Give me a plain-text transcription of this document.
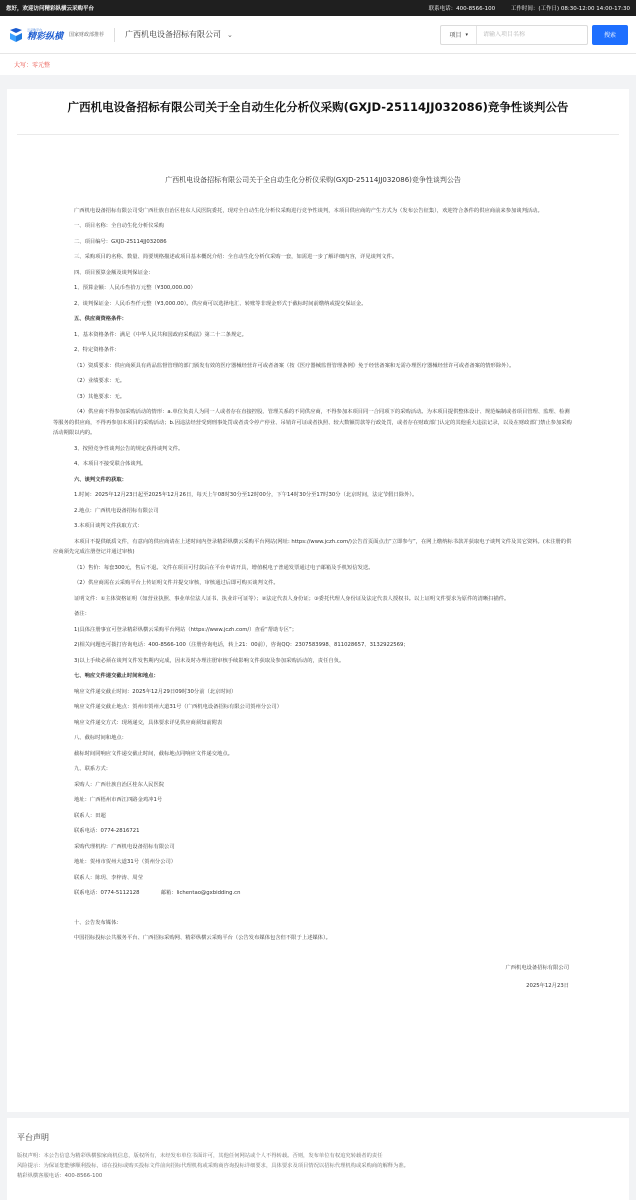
您好，欢迎访问精彩纵横云采购平台	联系电话：400-8566-100	工作时间：(工作日) 08:30-12:00 14:00-17:30
云采购平台
精彩纵横 国家财政部推荐	广西机电设备招标有限公司 ⌄	项目 ▾
请输入项目名称	搜索
大写：零元整
广西机电设备招标有限公司关于全自动生化分析仪采购(GXJD-25114JJ032086)竞争性谈判公告
广西机电设备招标有限公司关于全自动生化分析仪采购(GXJD-25114JJ032086)竞争性谈判公告
广西机电设备招标有限公司受广西壮族自治区桂东人民医院委托，现对全自动生化分析仪采购进行竞争性谈判，本项目供应商的产生方式为（发布公告征集），欢迎符合条件的供应商前来参加谈判活动。
一、项目名称：全自动生化分析仪采购
二、项目编号：GXJD-25114JJ032086
三、采购项目的名称、数量、简要规格描述或项目基本概况介绍：全自动生化分析仪采购一套，如需进一步了解详细内容，详见谈判文件。
四、项目预算金额及谈判保证金：
1、预算金额：人民币叁拾万元整（¥300,000.00）
2、谈判保证金：人民币叁仟元整（¥3,000.00）。供应商可以选择电汇、转账等非现金形式于截标时间前缴纳或提交保证金。
五、供应商资格条件：
1、基本资格条件：满足《中华人民共和国政府采购法》第二十二条规定。
2、特定资格条件：
（1）资质要求：供应商须具有药品监督管理的部门颁发有效的医疗器械经营许可或者备案（按《医疗器械监督管理条例》免于经营备案和无需办理医疗器械经营许可或者备案的情形除外）。
（2）业绩要求：无。
（3）其他要求：无。
（4）供应商不得参加采购活动的情形：a.单位负责人为同一人或者存在直接控股、管理关系的不同供应商，不得参加本项目同一合同项下的采购活动。为本项目提供整体设计、规范编制或者项目管理、监理、检测等服务的供应商，不得再参加本项目的采购活动；b.因违法经营受到刑事处罚或者责令停产停业、吊销许可证或者执照、较大数额罚款等行政处罚，或者存在财政部门认定的其他重大违法记录，以及在财政部门禁止参加采购活动期限以内的。
3、按照竞争性谈判公告的规定获得谈判文件。
4、本项目不接受联合体谈判。
六、谈判文件的获取：
1.时间：2025年12月23日起至2025年12月26日，每天上午08时30分至12时00分，下午14时30分至17时30分（北京时间，法定节假日除外）。
2.地点：广西机电设备招标有限公司
3.本项目谈判文件获取方式：
本项目不提供纸质文件，有意向的供应商请在上述时间内登录精彩纵横云采购平台网站(网址: https://www.jczh.com/)公告首页面点击“立即参与”，在网上缴纳标书款并获取电子谈判文件及其它资料。(未注册的供应商须先完成注册登记并通过审核)
（1）售价：每套300元，售后不退。文件在项目可付款后在平台申请开具，增值税电子普通发票通过电子邮箱及手机短信发送。
（2）供应商需在云采购平台上传证明文件并提交审核，审核通过后即可购买谈判文件。
证明文件：①主体资格证明（如营业执照、事业单位法人证书、执业许可证等）；②法定代表人身份证；③委托代理人身份证及法定代表人授权书。以上证明文件要求为原件的清晰扫描件。
备注：
1)具体注册事宜可登录精彩纵横云采购平台网站（https://www.jczh.com/）查看“帮助专区”；
2)相关问题也可拨打咨询电话：400-8566-100（注册咨询电话，转上21：00前），咨询QQ：2307583998、811028657、3132922569；
3)以上手续必须在谈判文件发售期内完成，因未及时办理注册审核手续影响文件获取及参加采购活动的，责任自负。
七、响应文件递交截止时间和地点：
响应文件递交截止时间：2025年12月29日09时30分前（北京时间）
响应文件递交截止地点：贺州市贺州大道31号（广西机电设备招标有限公司贺州分公司）
响应文件递交方式：现场递交，具体要求详见供应商须知前附表
八、截标时间和地点：
截标时间同响应文件递交截止时间，截标地点同响应文件递交地点。
九、联系方式：
采购人：广西壮族自治区桂东人民医院
地址：广西梧州市西江四路金鸡冲1号
联系人：田超
联系电话：0774-2816721
采购代理机构：广西机电设备招标有限公司
地址：贺州市贺州大道31号（贺州分公司）
联系人：陈玥、李梓涛、周莹
联系电话：0774-5112128　　　　邮箱：lichentao@gxbidding.cn
十、公告发布媒体：
中国招标投标公共服务平台、广西招标采购网、精彩纵横云采购平台（公告发布媒体包含但不限于上述媒体）。
广西机电设备招标有限公司
2025年12月23日
平台声明
版权声明：本公告信息为精彩纵横独家商机信息，版权所有，未经发布单位书面许可，其他任何网站或个人不得转载。否则，发布单位有权追究转载者的责任
风险提示：为保证您能够顺利投标，请在投标或购买投标文件前向招标代理机构或采购商咨询投标详细要求，具体要求及项目情况以招标代理机构或采购商的解释为准。
精彩纵横客服电话：400-8566-100
